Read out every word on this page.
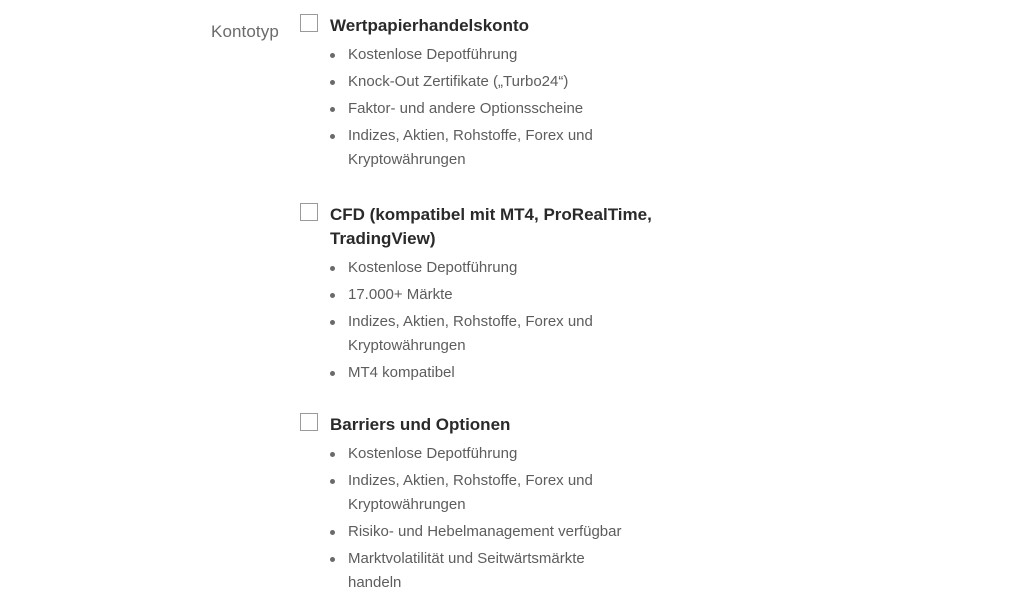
Kontotyp	Wertpapierhandelskonto
Kostenlose Depotführung
Knock-Out Zertifikate („Turbo24“)
Faktor- und andere Optionsscheine
Indizes, Aktien, Rohstoffe, Forex und Kryptowährungen
CFD (kompatibel mit MT4, ProRealTime, TradingView)
Kostenlose Depotführung
17.000+ Märkte
Indizes, Aktien, Rohstoffe, Forex und Kryptowährungen
MT4 kompatibel
Barriers und Optionen
Kostenlose Depotführung
Indizes, Aktien, Rohstoffe, Forex und Kryptowährungen
Risiko- und Hebelmanagement verfügbar
Marktvolatilität und Seitwärtsmärkte handeln
